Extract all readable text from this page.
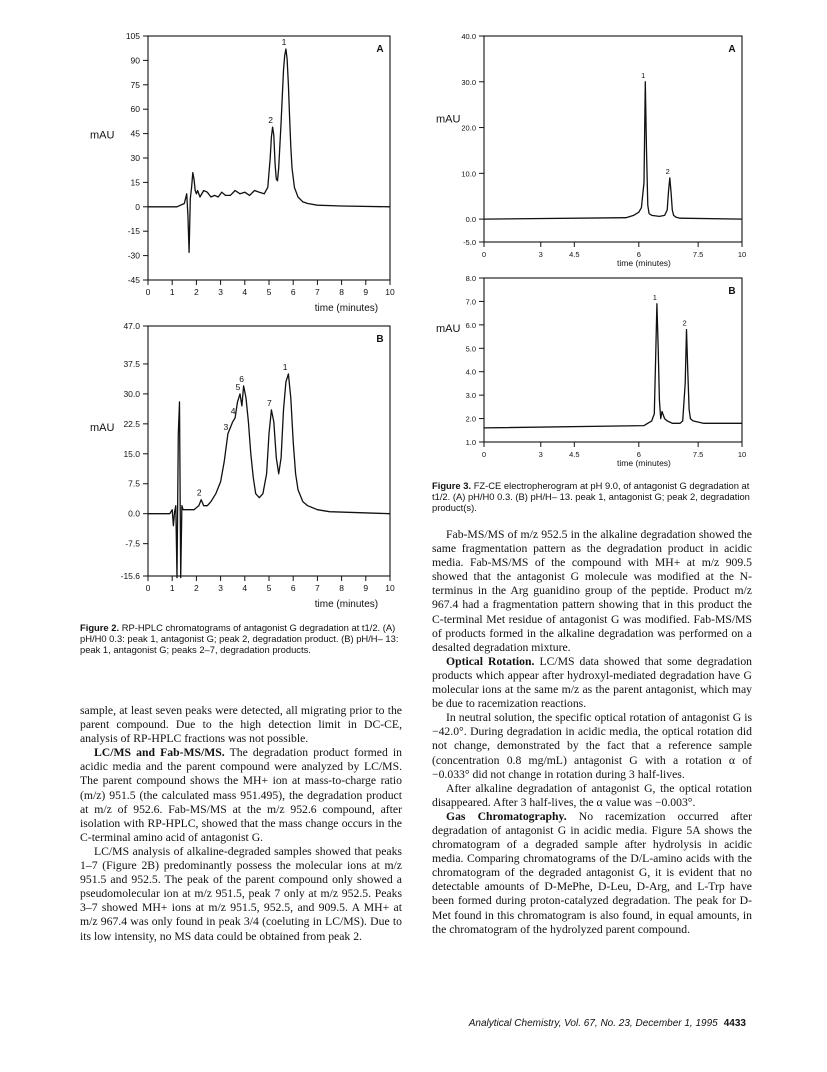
105
90
75
60
45
30
15
0
-15
-30
-45
0 1 2 3 4 5 6 7 8 9 10
mAU
time (minutes)
A
1
2
47.0
37.5
30.0
22.5
15.0
7.5
0.0
-7.5
-15.6
0 1 2 3 4 5 6 7 8 9 10
mAU
time (minutes)
B
1
2
3
4
5
6
7
40.0
30.0
20.0
10.0
0.0
-5.0
0	3	4.5	6	7.5	10
mAU
time (minutes)
A
1
2
8.0
7.0
6.0
5.0
4.0
3.0
2.0
1.0
0	3	4.5	6	7.5	10
mAU
time (minutes)
B
1
2
Figure 3. FZ-CE electropherogram at pH 9.0, of antagonist G degradation at t1/2. (A) pH/H0 0.3. (B) pH/H– 13. peak 1, antagonist G; peak 2, degradation product(s).
Figure 2. RP-HPLC chromatograms of antagonist G degradation at t1/2. (A) pH/H0 0.3: peak 1, antagonist G; peak 2, degradation product. (B) pH/H– 13: peak 1, antagonist G; peaks 2–7, degradation products.

sample, at least seven peaks were detected, all migrating prior to the parent compound. Due to the high detection limit in DC-CE, analysis of RP-HPLC fractions was not possible.

LC/MS and Fab-MS/MS. The degradation product formed in acidic media and the parent compound were analyzed by LC/MS. The parent compound shows the MH+ ion at mass-to-charge ratio (m/z) 951.5 (the calculated mass 951.495), the degradation product at m/z of 952.6. Fab-MS/MS at the m/z 952.6 compound, after isolation with RP-HPLC, showed that the mass change occurs in the C-terminal amino acid of antagonist G.

LC/MS analysis of alkaline-degraded samples showed that peaks 1–7 (Figure 2B) predominantly possess the molecular ions at m/z 951.5 and 952.5. The peak of the parent compound only showed a pseudomolecular ion at m/z 951.5, peak 7 only at m/z 952.5. Peaks 3–7 showed MH+ ions at m/z 951.5, 952.5, and 909.5. A MH+ at m/z 967.4 was only found in peak 3/4 (coeluting in LC/MS). Due to its low intensity, no MS data could be obtained from peak 2.

Fab-MS/MS of m/z 952.5 in the alkaline degradation showed the same fragmentation pattern as the degradation product in acidic media. Fab-MS/MS of the compound with MH+ at m/z 909.5 showed that the antagonist G molecule was modified at the N-terminus in the Arg guanidino group of the peptide. Product m/z 967.4 had a fragmentation pattern showing that in this product the C-terminal Met residue of antagonist G was modified. Fab-MS/MS of products formed in the alkaline degradation was performed on a desalted degradation mixture.

Optical Rotation. LC/MS data showed that some degradation products which appear after hydroxyl-mediated degradation have G molecular ions at the same m/z as the parent antagonist, which may be due to racemization reactions.

In neutral solution, the specific optical rotation of antagonist G is −42.0°. During degradation in acidic media, the optical rotation did not change, demonstrated by the fact that a reference sample (concentration 0.8 mg/mL) antagonist G with a rotation α of −0.033° did not change in rotation during 3 half-lives.

After alkaline degradation of antagonist G, the optical rotation disappeared. After 3 half-lives, the α value was −0.003°.

Gas Chromatography. No racemization occurred after degradation of antagonist G in acidic media. Figure 5A shows the chromatogram of a degraded sample after hydrolysis in acidic media. Comparing chromatograms of the D/L-amino acids with the chromatogram of the degraded antagonist G, it is evident that no detectable amounts of D-MePhe, D-Leu, D-Arg, and L-Trp have been formed during proton-catalyzed degradation. The peak for D-Met found in this chromatogram is also found, in equal amounts, in the chromatogram of the hydrolyzed parent compound.

Analytical Chemistry, Vol. 67, No. 23, December 1, 1995 4433
